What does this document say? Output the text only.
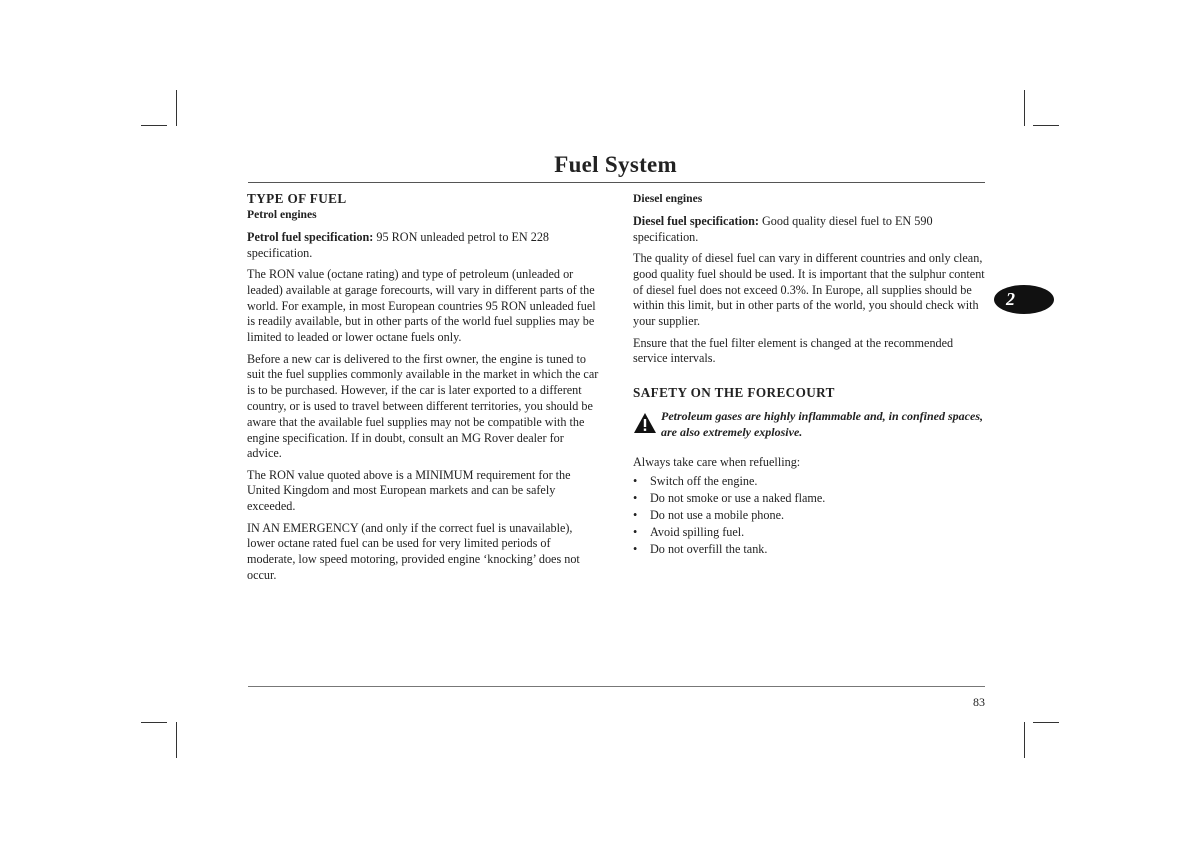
Fuel System
2
TYPE OF FUEL
Petrol engines

Petrol fuel specification: 95 RON unleaded petrol to EN 228 specification.

The RON value (octane rating) and type of petroleum (unleaded or leaded) available at garage forecourts, will vary in different parts of the world. For example, in most European countries 95 RON unleaded fuel is readily available, but in other parts of the world fuel supplies may be limited to leaded or lower octane fuels only.

Before a new car is delivered to the first owner, the engine is tuned to suit the fuel supplies commonly available in the market in which the car is to be purchased. However, if the car is later exported to a different country, or is used to travel between different territories, you should be aware that the available fuel supplies may not be compatible with the engine specification. If in doubt, consult an MG Rover dealer for advice.

The RON value quoted above is a MINIMUM requirement for the United Kingdom and most European markets and can be safely exceeded.

IN AN EMERGENCY (and only if the correct fuel is unavailable), lower octane rated fuel can be used for very limited periods of moderate, low speed motoring, provided engine ‘knocking’ does not occur.

Diesel engines

Diesel fuel specification: Good quality diesel fuel to EN 590 specification.

The quality of diesel fuel can vary in different countries and only clean, good quality fuel should be used. It is important that the sulphur content of diesel fuel does not exceed 0.3%. In Europe, all supplies should be within this limit, but in other parts of the world, you should check with your supplier.

Ensure that the fuel filter element is changed at the recommended service intervals.

SAFETY ON THE FORECOURT
Petroleum gases are highly inflammable and, in confined spaces, are also extremely explosive.

Always take care when refuelling:

• Switch off the engine.
• Do not smoke or use a naked flame.
• Do not use a mobile phone.
• Avoid spilling fuel.
• Do not overfill the tank.
83
